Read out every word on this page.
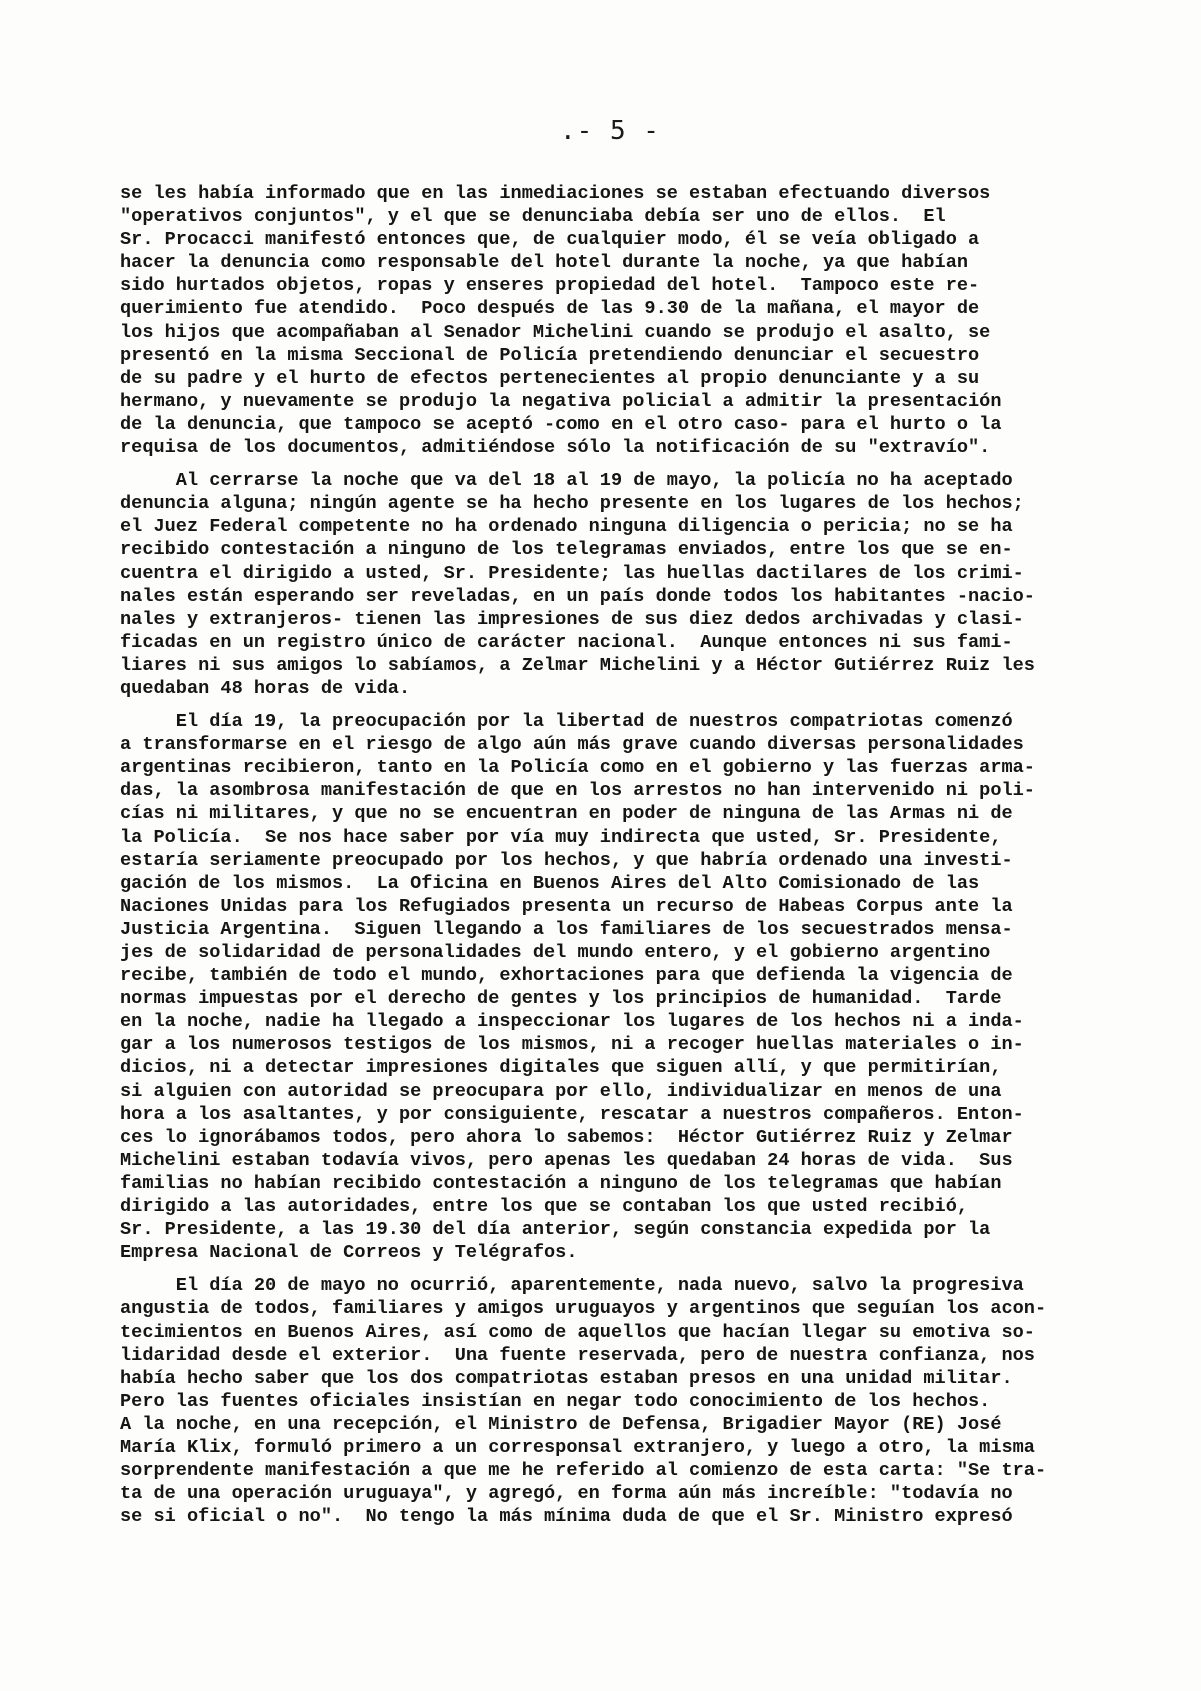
.- 5 -
se les había informado que en las inmediaciones se estaban efectuando diversos
"operativos conjuntos", y el que se denunciaba debía ser uno de ellos.  El
Sr. Procacci manifestó entonces que, de cualquier modo, él se veía obligado a
hacer la denuncia como responsable del hotel durante la noche, ya que habían
sido hurtados objetos, ropas y enseres propiedad del hotel.  Tampoco este re-
querimiento fue atendido.  Poco después de las 9.30 de la mañana, el mayor de
los hijos que acompañaban al Senador Michelini cuando se produjo el asalto, se
presentó en la misma Seccional de Policía pretendiendo denunciar el secuestro
de su padre y el hurto de efectos pertenecientes al propio denunciante y a su
hermano, y nuevamente se produjo la negativa policial a admitir la presentación
de la denuncia, que tampoco se aceptó -como en el otro caso- para el hurto o la
requisa de los documentos, admitiéndose sólo la notificación de su "extravío".
Al cerrarse la noche que va del 18 al 19 de mayo, la policía no ha aceptado
denuncia alguna; ningún agente se ha hecho presente en los lugares de los hechos;
el Juez Federal competente no ha ordenado ninguna diligencia o pericia; no se ha
recibido contestación a ninguno de los telegramas enviados, entre los que se en-
cuentra el dirigido a usted, Sr. Presidente; las huellas dactilares de los crimi-
nales están esperando ser reveladas, en un país donde todos los habitantes -nacio-
nales y extranjeros- tienen las impresiones de sus diez dedos archivadas y clasi-
ficadas en un registro único de carácter nacional.  Aunque entonces ni sus fami-
liares ni sus amigos lo sabíamos, a Zelmar Michelini y a Héctor Gutiérrez Ruiz les
quedaban 48 horas de vida.
El día 19, la preocupación por la libertad de nuestros compatriotas comenzó
a transformarse en el riesgo de algo aún más grave cuando diversas personalidades
argentinas recibieron, tanto en la Policía como en el gobierno y las fuerzas arma-
das, la asombrosa manifestación de que en los arrestos no han intervenido ni poli-
cías ni militares, y que no se encuentran en poder de ninguna de las Armas ni de
la Policía.  Se nos hace saber por vía muy indirecta que usted, Sr. Presidente,
estaría seriamente preocupado por los hechos, y que habría ordenado una investi-
gación de los mismos.  La Oficina en Buenos Aires del Alto Comisionado de las
Naciones Unidas para los Refugiados presenta un recurso de Habeas Corpus ante la
Justicia Argentina.  Siguen llegando a los familiares de los secuestrados mensa-
jes de solidaridad de personalidades del mundo entero, y el gobierno argentino
recibe, también de todo el mundo, exhortaciones para que defienda la vigencia de
normas impuestas por el derecho de gentes y los principios de humanidad.  Tarde
en la noche, nadie ha llegado a inspeccionar los lugares de los hechos ni a inda-
gar a los numerosos testigos de los mismos, ni a recoger huellas materiales o in-
dicios, ni a detectar impresiones digitales que siguen allí, y que permitirían,
si alguien con autoridad se preocupara por ello, individualizar en menos de una
hora a los asaltantes, y por consiguiente, rescatar a nuestros compañeros. Enton-
ces lo ignorábamos todos, pero ahora lo sabemos:  Héctor Gutiérrez Ruiz y Zelmar
Michelini estaban todavía vivos, pero apenas les quedaban 24 horas de vida.  Sus
familias no habían recibido contestación a ninguno de los telegramas que habían
dirigido a las autoridades, entre los que se contaban los que usted recibió,
Sr. Presidente, a las 19.30 del día anterior, según constancia expedida por la
Empresa Nacional de Correos y Telégrafos.
El día 20 de mayo no ocurrió, aparentemente, nada nuevo, salvo la progresiva
angustia de todos, familiares y amigos uruguayos y argentinos que seguían los acon-
tecimientos en Buenos Aires, así como de aquellos que hacían llegar su emotiva so-
lidaridad desde el exterior.  Una fuente reservada, pero de nuestra confianza, nos
había hecho saber que los dos compatriotas estaban presos en una unidad militar.
Pero las fuentes oficiales insistían en negar todo conocimiento de los hechos.
A la noche, en una recepción, el Ministro de Defensa, Brigadier Mayor (RE) José
María Klix, formuló primero a un corresponsal extranjero, y luego a otro, la misma
sorprendente manifestación a que me he referido al comienzo de esta carta: "Se tra-
ta de una operación uruguaya", y agregó, en forma aún más increíble: "todavía no
se si oficial o no".  No tengo la más mínima duda de que el Sr. Ministro expresó
